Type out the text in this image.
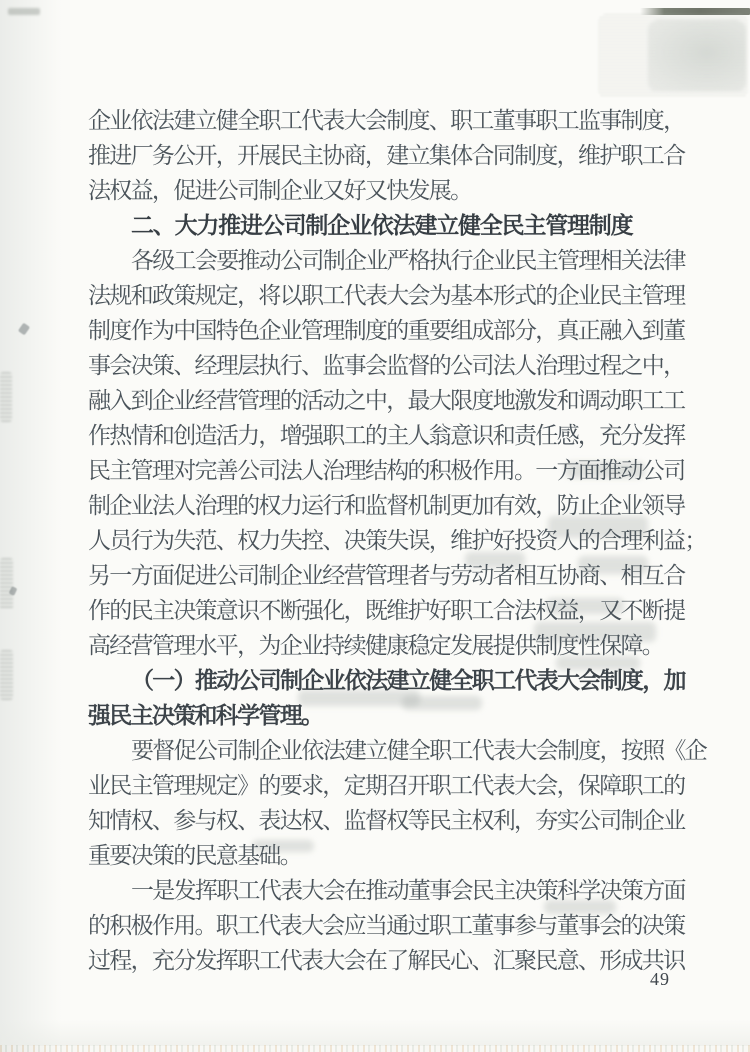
企业依法建立健全职工代表大会制度、职工董事职工监事制度，
推进厂务公开，开展民主协商，建立集体合同制度，维护职工合
法权益，促进公司制企业又好又快发展。
二、大力推进公司制企业依法建立健全民主管理制度
各级工会要推动公司制企业严格执行企业民主管理相关法律
法规和政策规定，将以职工代表大会为基本形式的企业民主管理
制度作为中国特色企业管理制度的重要组成部分，真正融入到董
事会决策、经理层执行、监事会监督的公司法人治理过程之中，
融入到企业经营管理的活动之中，最大限度地激发和调动职工工
作热情和创造活力，增强职工的主人翁意识和责任感，充分发挥
民主管理对完善公司法人治理结构的积极作用。一方面推动公司
制企业法人治理的权力运行和监督机制更加有效，防止企业领导
人员行为失范、权力失控、决策失误，维护好投资人的合理利益；
另一方面促进公司制企业经营管理者与劳动者相互协商、相互合
作的民主决策意识不断强化，既维护好职工合法权益，又不断提
高经营管理水平，为企业持续健康稳定发展提供制度性保障。
（一）推动公司制企业依法建立健全职工代表大会制度，加
强民主决策和科学管理。
要督促公司制企业依法建立健全职工代表大会制度，按照《企
业民主管理规定》的要求，定期召开职工代表大会，保障职工的
知情权、参与权、表达权、监督权等民主权利，夯实公司制企业
重要决策的民意基础。
一是发挥职工代表大会在推动董事会民主决策科学决策方面
的积极作用。职工代表大会应当通过职工董事参与董事会的决策
过程，充分发挥职工代表大会在了解民心、汇聚民意、形成共识
49
